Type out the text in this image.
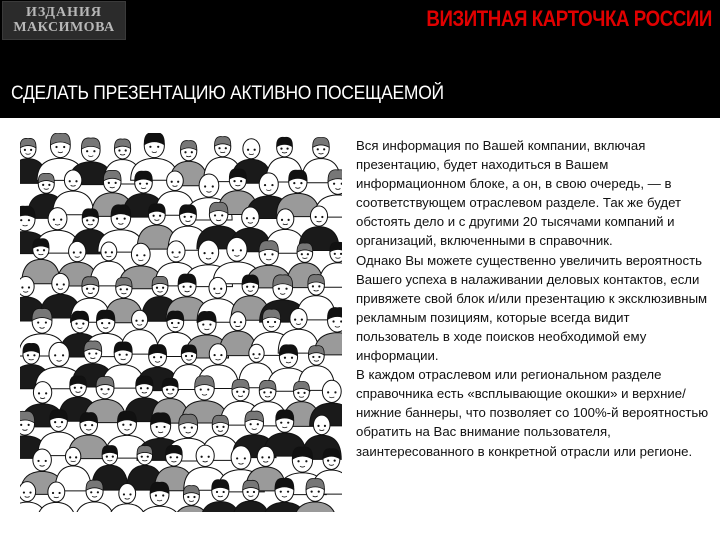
ИЗДАНИЯ
МАКСИМОВА	ВИЗИТНАЯ КАРТОЧКА РОССИИ
СДЕЛАТЬ ПРЕЗЕНТАЦИЮ АКТИВНО ПОСЕЩАЕМОЙ

Вся информация по Вашей компании, включая презентацию, будет находиться в Вашем информационном блоке, а он, в свою очередь, — в соответствующем отраслевом разделе. Так же будет обстоять дело и с другими 20 тысячами компаний и организаций, включенными в справочник.

Однако Вы можете существенно увеличить вероятность Вашего успеха в налаживании деловых контактов, если привяжете свой блок и/или презентацию к эксклюзивным рекламным позициям, которые всегда видит пользователь в ходе поисков необходимой ему информации.

В каждом отраслевом или региональном разделе справочника есть «всплывающие окошки» и верхние/нижние баннеры, что позволяет со 100%-й вероятностью обратить на Вас внимание пользователя, заинтересованного в конкретной отрасли или регионе.
